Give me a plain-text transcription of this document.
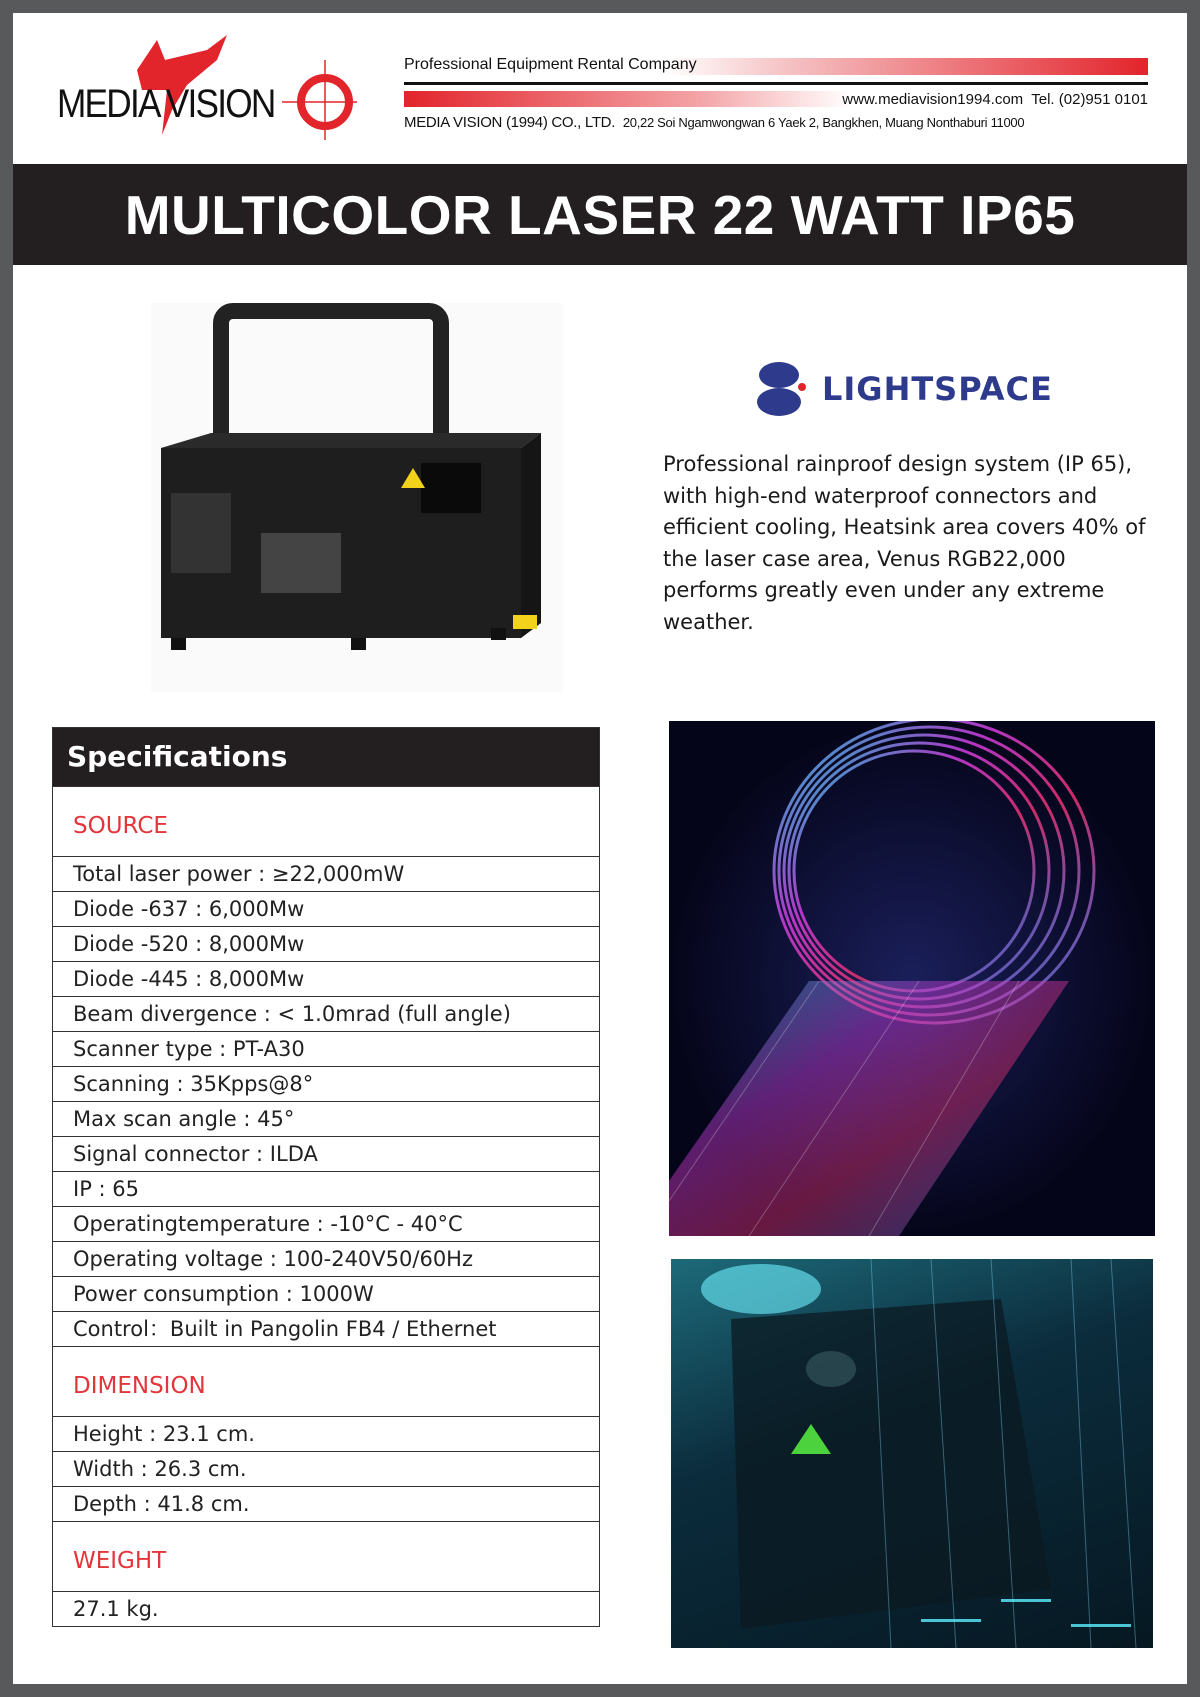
MEDIA VISION
Professional Equipment Rental Company
www.mediavision1994.com Tel. (02)951 0101
MEDIA VISION (1994) CO., LTD. 20,22 Soi Ngamwongwan 6 Yaek 2, Bangkhen, Muang Nonthaburi 11000
MULTICOLOR LASER 22 WATT IP65
LIGHTSPACE
Professional rainproof design system (IP 65),
with high-end waterproof connectors and
efficient cooling, Heatsink area covers 40% of
the laser case area, Venus RGB22,000
performs greatly even under any extreme
weather.
Specifications
SOURCE
Total laser power : ≥22,000mW
Diode -637 : 6,000Mw
Diode -520 : 8,000Mw
Diode -445 : 8,000Mw
Beam divergence : < 1.0mrad (full angle)
Scanner type : PT-A30
Scanning : 35Kpps@8°
Max scan angle : 45°
Signal connector : ILDA
IP : 65
Operatingtemperature : -10°C - 40°C
Operating voltage : 100-240V50/60Hz
Power consumption : 1000W
Control：Built in Pangolin FB4 / Ethernet
DIMENSION
Height : 23.1 cm.
Width : 26.3 cm.
Depth : 41.8 cm.
WEIGHT
27.1 kg.
